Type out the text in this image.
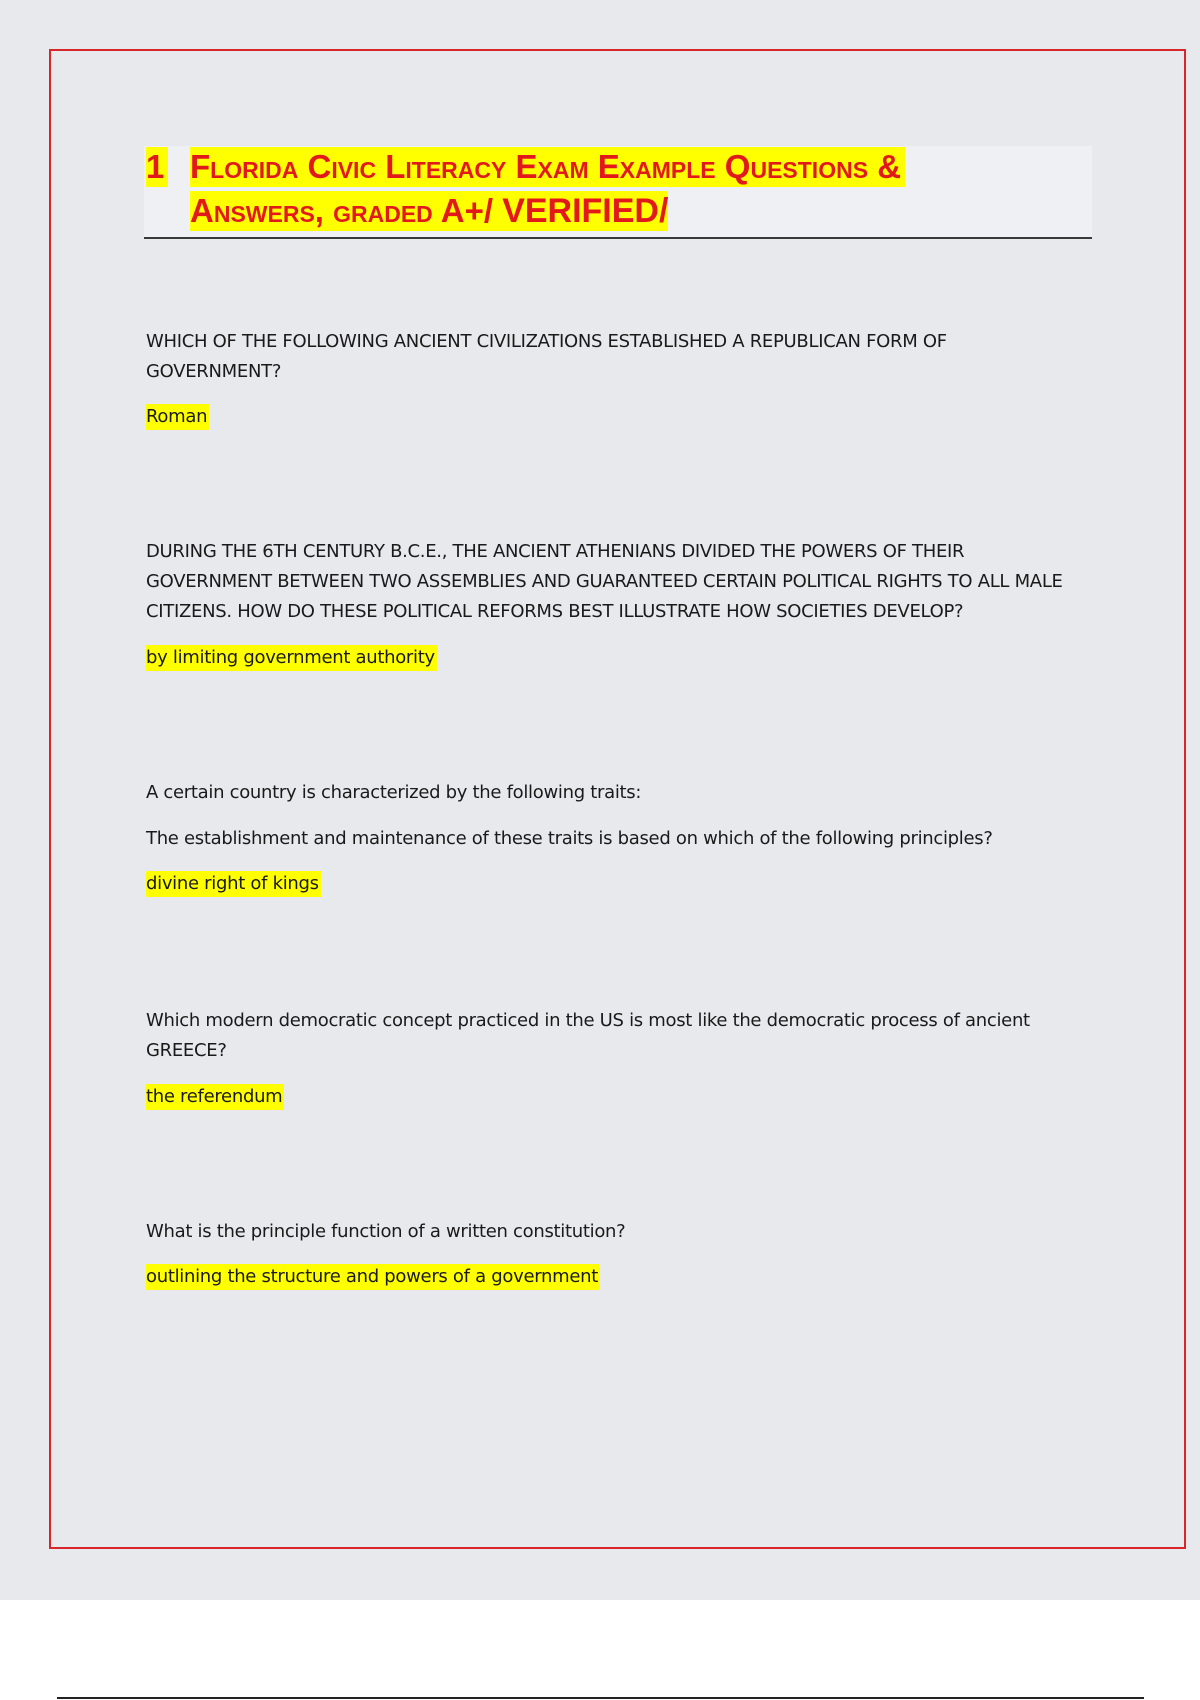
1 Florida Civic Literacy Exam Example Questions &
Answers, graded A+/ VERIFIED/
WHICH OF THE FOLLOWING ANCIENT CIVILIZATIONS ESTABLISHED A REPUBLICAN FORM OF GOVERNMENT?
Roman
DURING THE 6TH CENTURY B.C.E., THE ANCIENT ATHENIANS DIVIDED THE POWERS OF THEIR GOVERNMENT BETWEEN TWO ASSEMBLIES AND GUARANTEED CERTAIN POLITICAL RIGHTS TO ALL MALE CITIZENS. HOW DO THESE POLITICAL REFORMS BEST ILLUSTRATE HOW SOCIETIES DEVELOP?
by limiting government authority
A certain country is characterized by the following traits:
The establishment and maintenance of these traits is based on which of the following principles?
divine right of kings
Which modern democratic concept practiced in the US is most like the democratic process of ancient GREECE?
the referendum
What is the principle function of a written constitution?
outlining the structure and powers of a government
